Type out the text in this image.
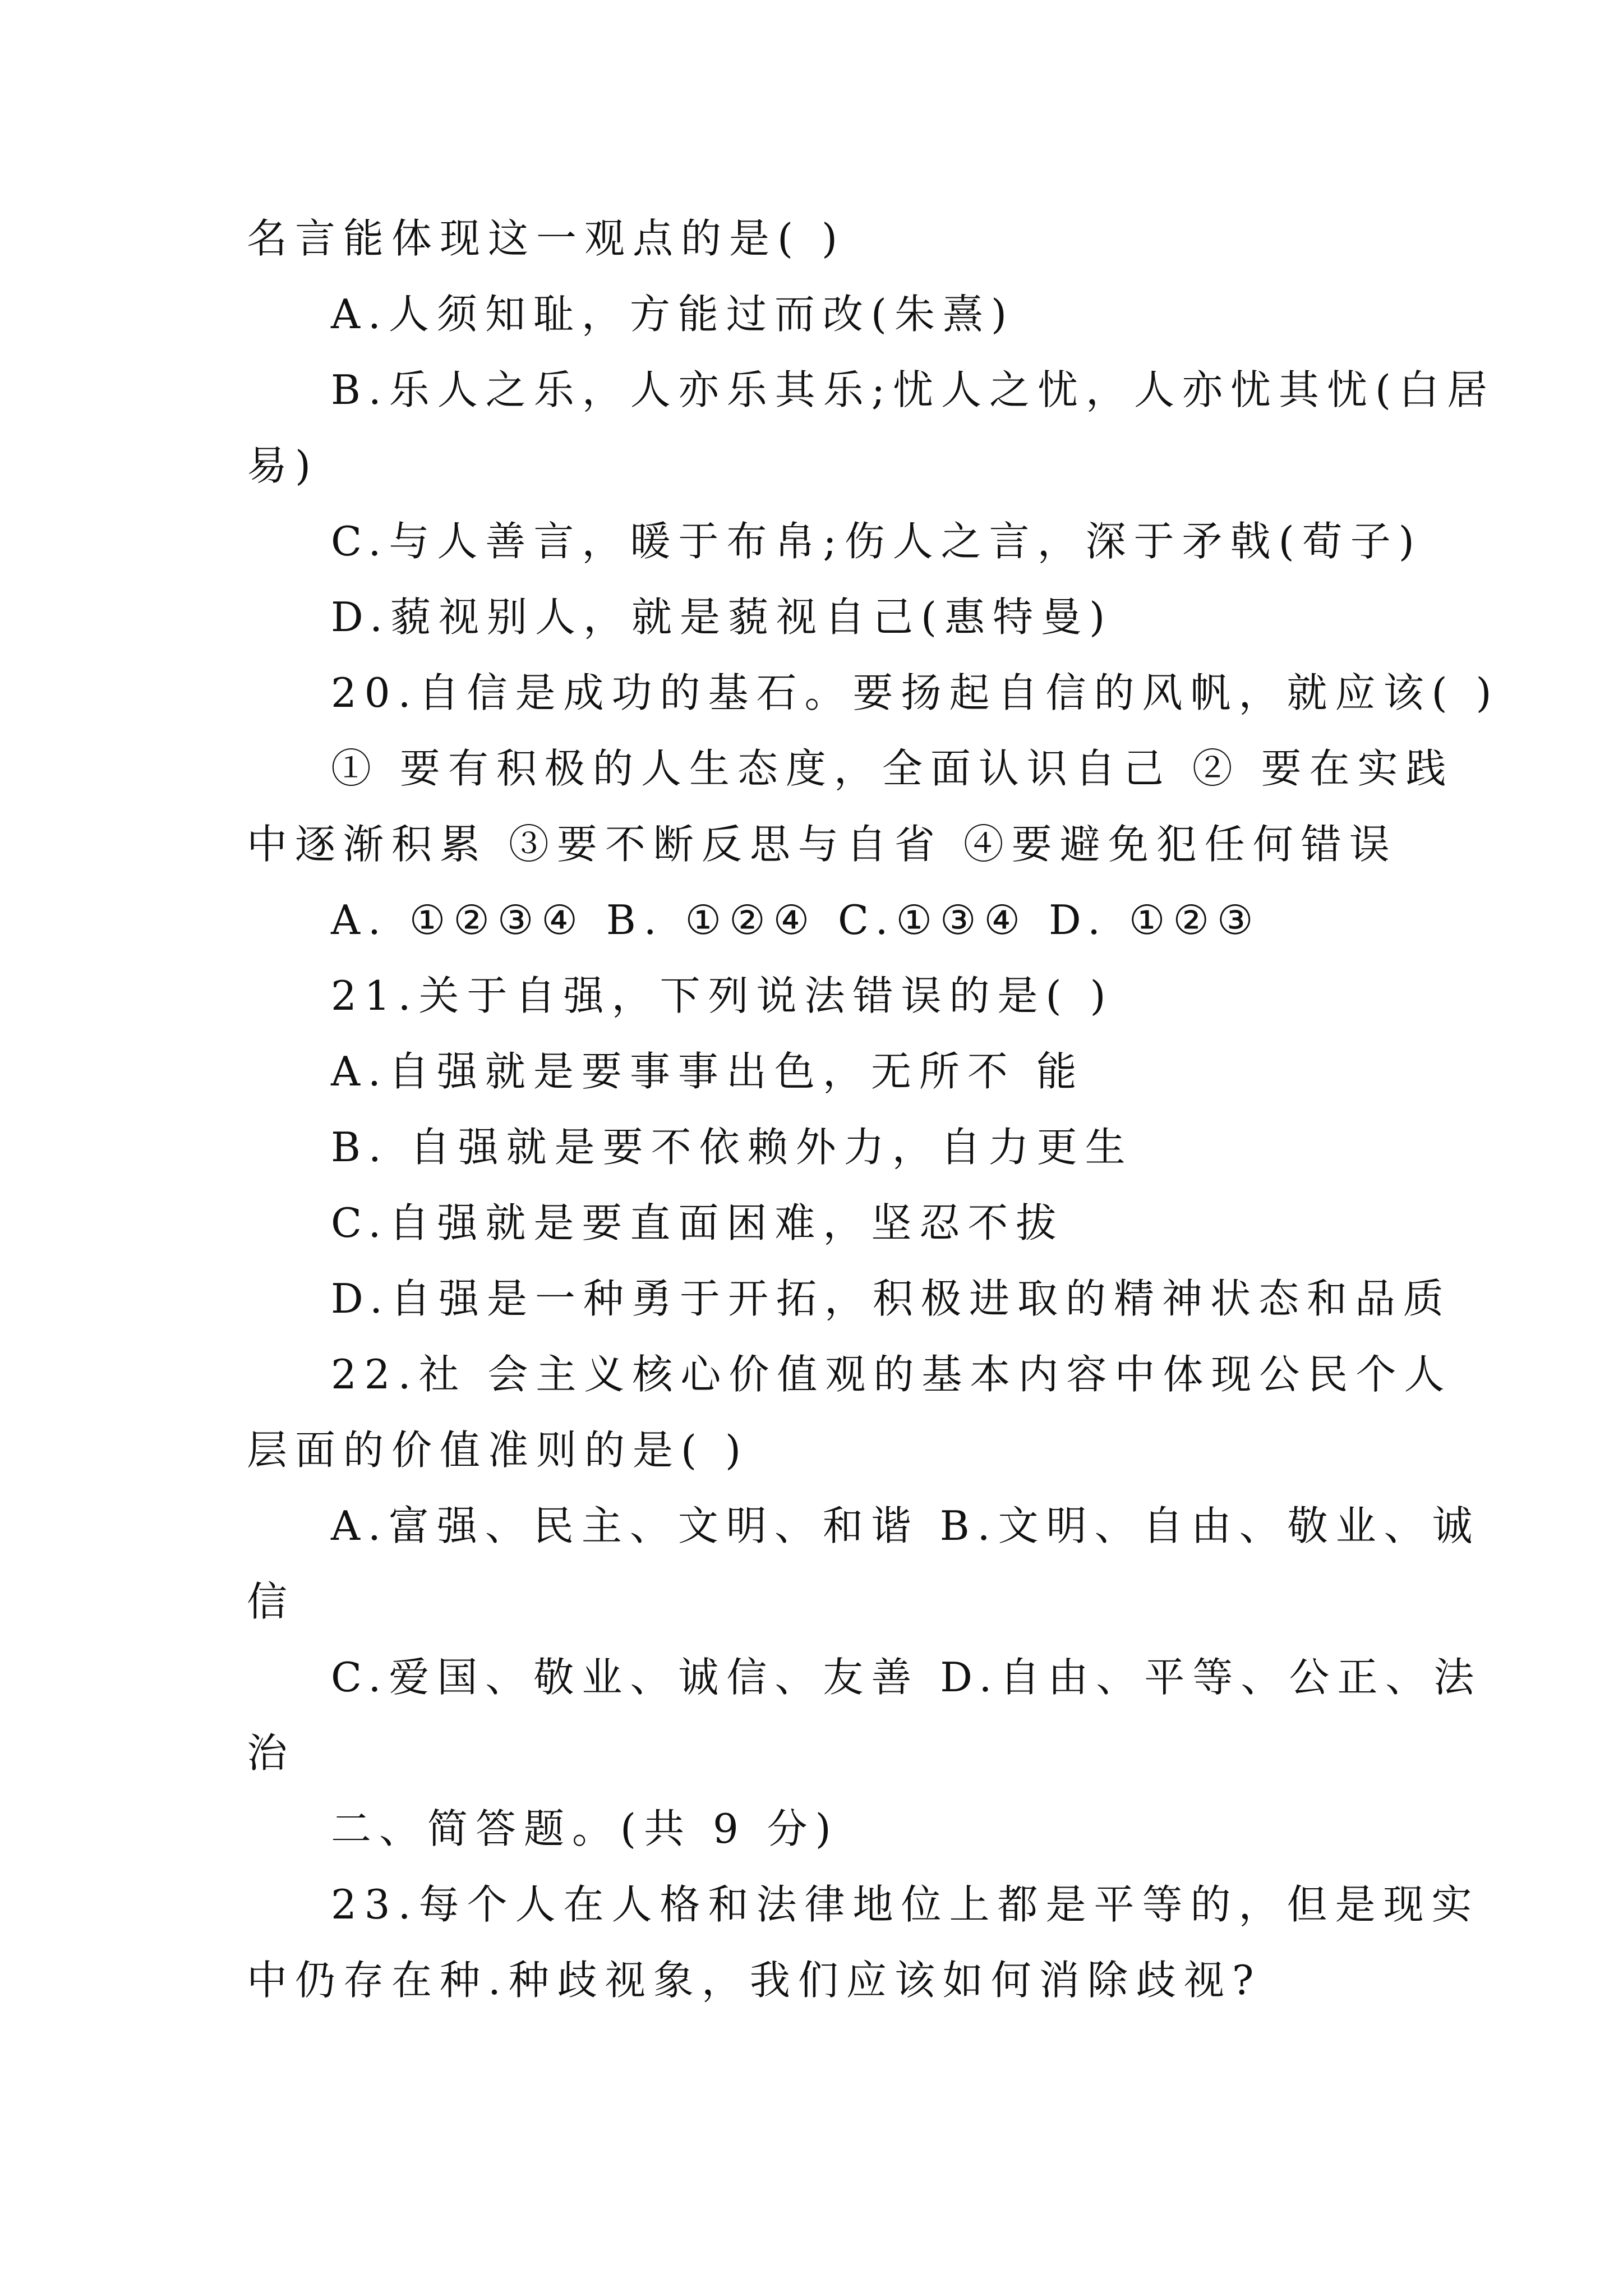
名言能体现这一观点的是( )
A.人须知耻，方能过而改(朱熹)
B.乐人之乐，人亦乐其乐;忧人之忧，人亦忧其忧(白居
易)
C.与人善言，暖于布帛;伤人之言，深于矛戟(荀子)
D.藐视别人，就是藐视自己(惠特曼)
20.自信是成功的基石。要扬起自信的风帆，就应该( )
① 要有积极的人生态度，全面认识自己 ② 要在实践
中逐渐积累 ③要不断反思与自省 ④要避免犯任何错误
A. ①②③④ B. ①②④ C.①③④ D. ①②③
21.关于自强，下列说法错误的是( )
A.自强就是要事事出色，无所不 能
B. 自强就是要不依赖外力，自力更生
C.自强就是要直面困难，坚忍不拔
D.自强是一种勇于开拓，积极进取的精神状态和品质
22.社 会主义核心价值观的基本内容中体现公民个人
层面的价值准则的是( )
A.富强、民主、文明、和谐 B.文明、自由、敬业、诚
信
C.爱国、敬业、诚信、友善 D.自由、平等、公正、法
治
二、简答题。(共 9 分)
23.每个人在人格和法律地位上都是平等的，但是现实
中仍存在种.种歧视象，我们应该如何消除歧视?
